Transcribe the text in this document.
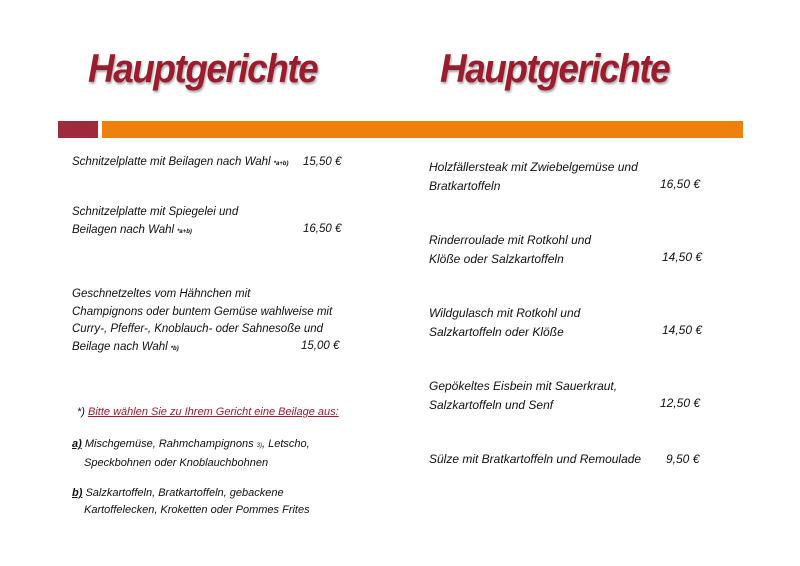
Hauptgerichte	Hauptgerichte
Schnitzelplatte mit Beilagen nach Wahl *a+b) 15,50 €
Schnitzelplatte mit Spiegelei und
Beilagen nach Wahl *a+b)	16,50 €
Geschnetzeltes vom Hähnchen mit
Champignons oder buntem Gemüse wahlweise mit
Curry-, Pfeffer-, Knoblauch- oder Sahnesoße und
Beilage nach Wahl *b)	15,00 €
*) Bitte wählen Sie zu Ihrem Gericht eine Beilage aus:
a) Mischgemüse, Rahmchampignons 3), Letscho,
Speckbohnen oder Knoblauchbohnen
b) Salzkartoffeln, Bratkartoffeln, gebackene
Kartoffelecken, Kroketten oder Pommes Frites
Holzfällersteak mit Zwiebelgemüse und
Bratkartoffeln	16,50 €
Rinderroulade mit Rotkohl und
Klöße oder Salzkartoffeln	14,50 €
Wildgulasch mit Rotkohl und
Salzkartoffeln oder Klöße	14,50 €
Gepökeltes Eisbein mit Sauerkraut,
Salzkartoffeln und Senf	12,50 €
Sülze mit Bratkartoffeln und Remoulade 9,50 €
